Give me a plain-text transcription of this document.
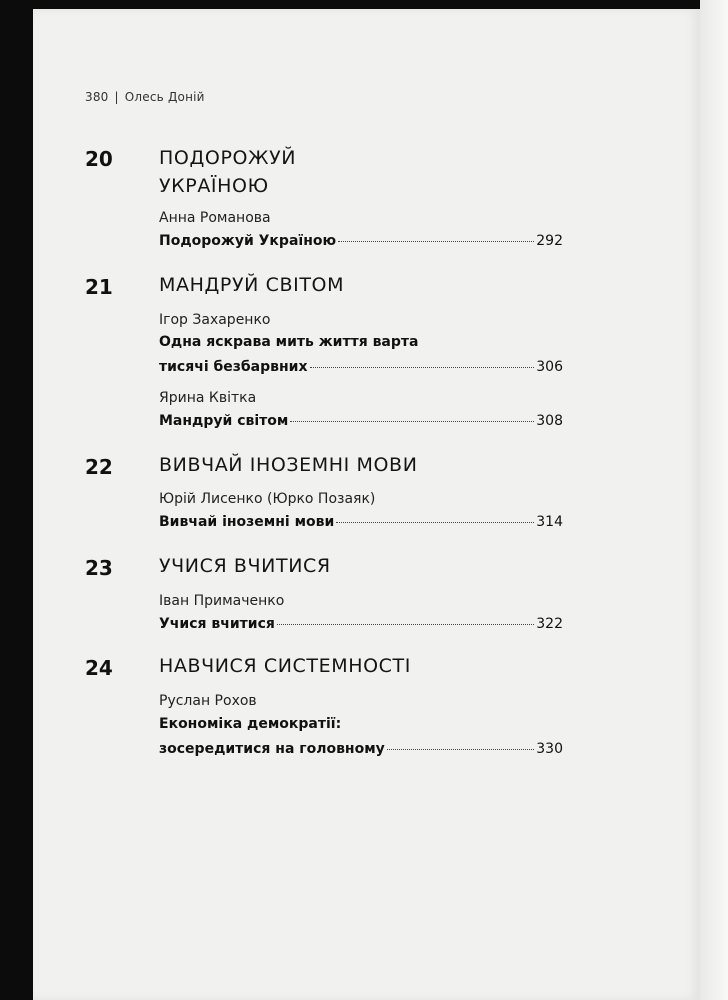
380 | Олесь Доній
20 ПОДОРОЖУЙ
УКРАЇНОЮ
Анна Романова
Подорожуй Україною	292
21 МАНДРУЙ СВІТОМ
Ігор Захаренко
Одна яскрава мить життя варта
тисячі безбарвних	306
Ярина Квітка
Мандруй світом	308
22 ВИВЧАЙ ІНОЗЕМНІ МОВИ
Юрій Лисенко (Юрко Позаяк)
Вивчай іноземні мови	314
23 УЧИСЯ ВЧИТИСЯ
Іван Примаченко
Учися вчитися	322
24 НАВЧИСЯ СИСТЕМНОСТІ
Руслан Рохов
Економіка демократії:
зосередитися на головному	330
